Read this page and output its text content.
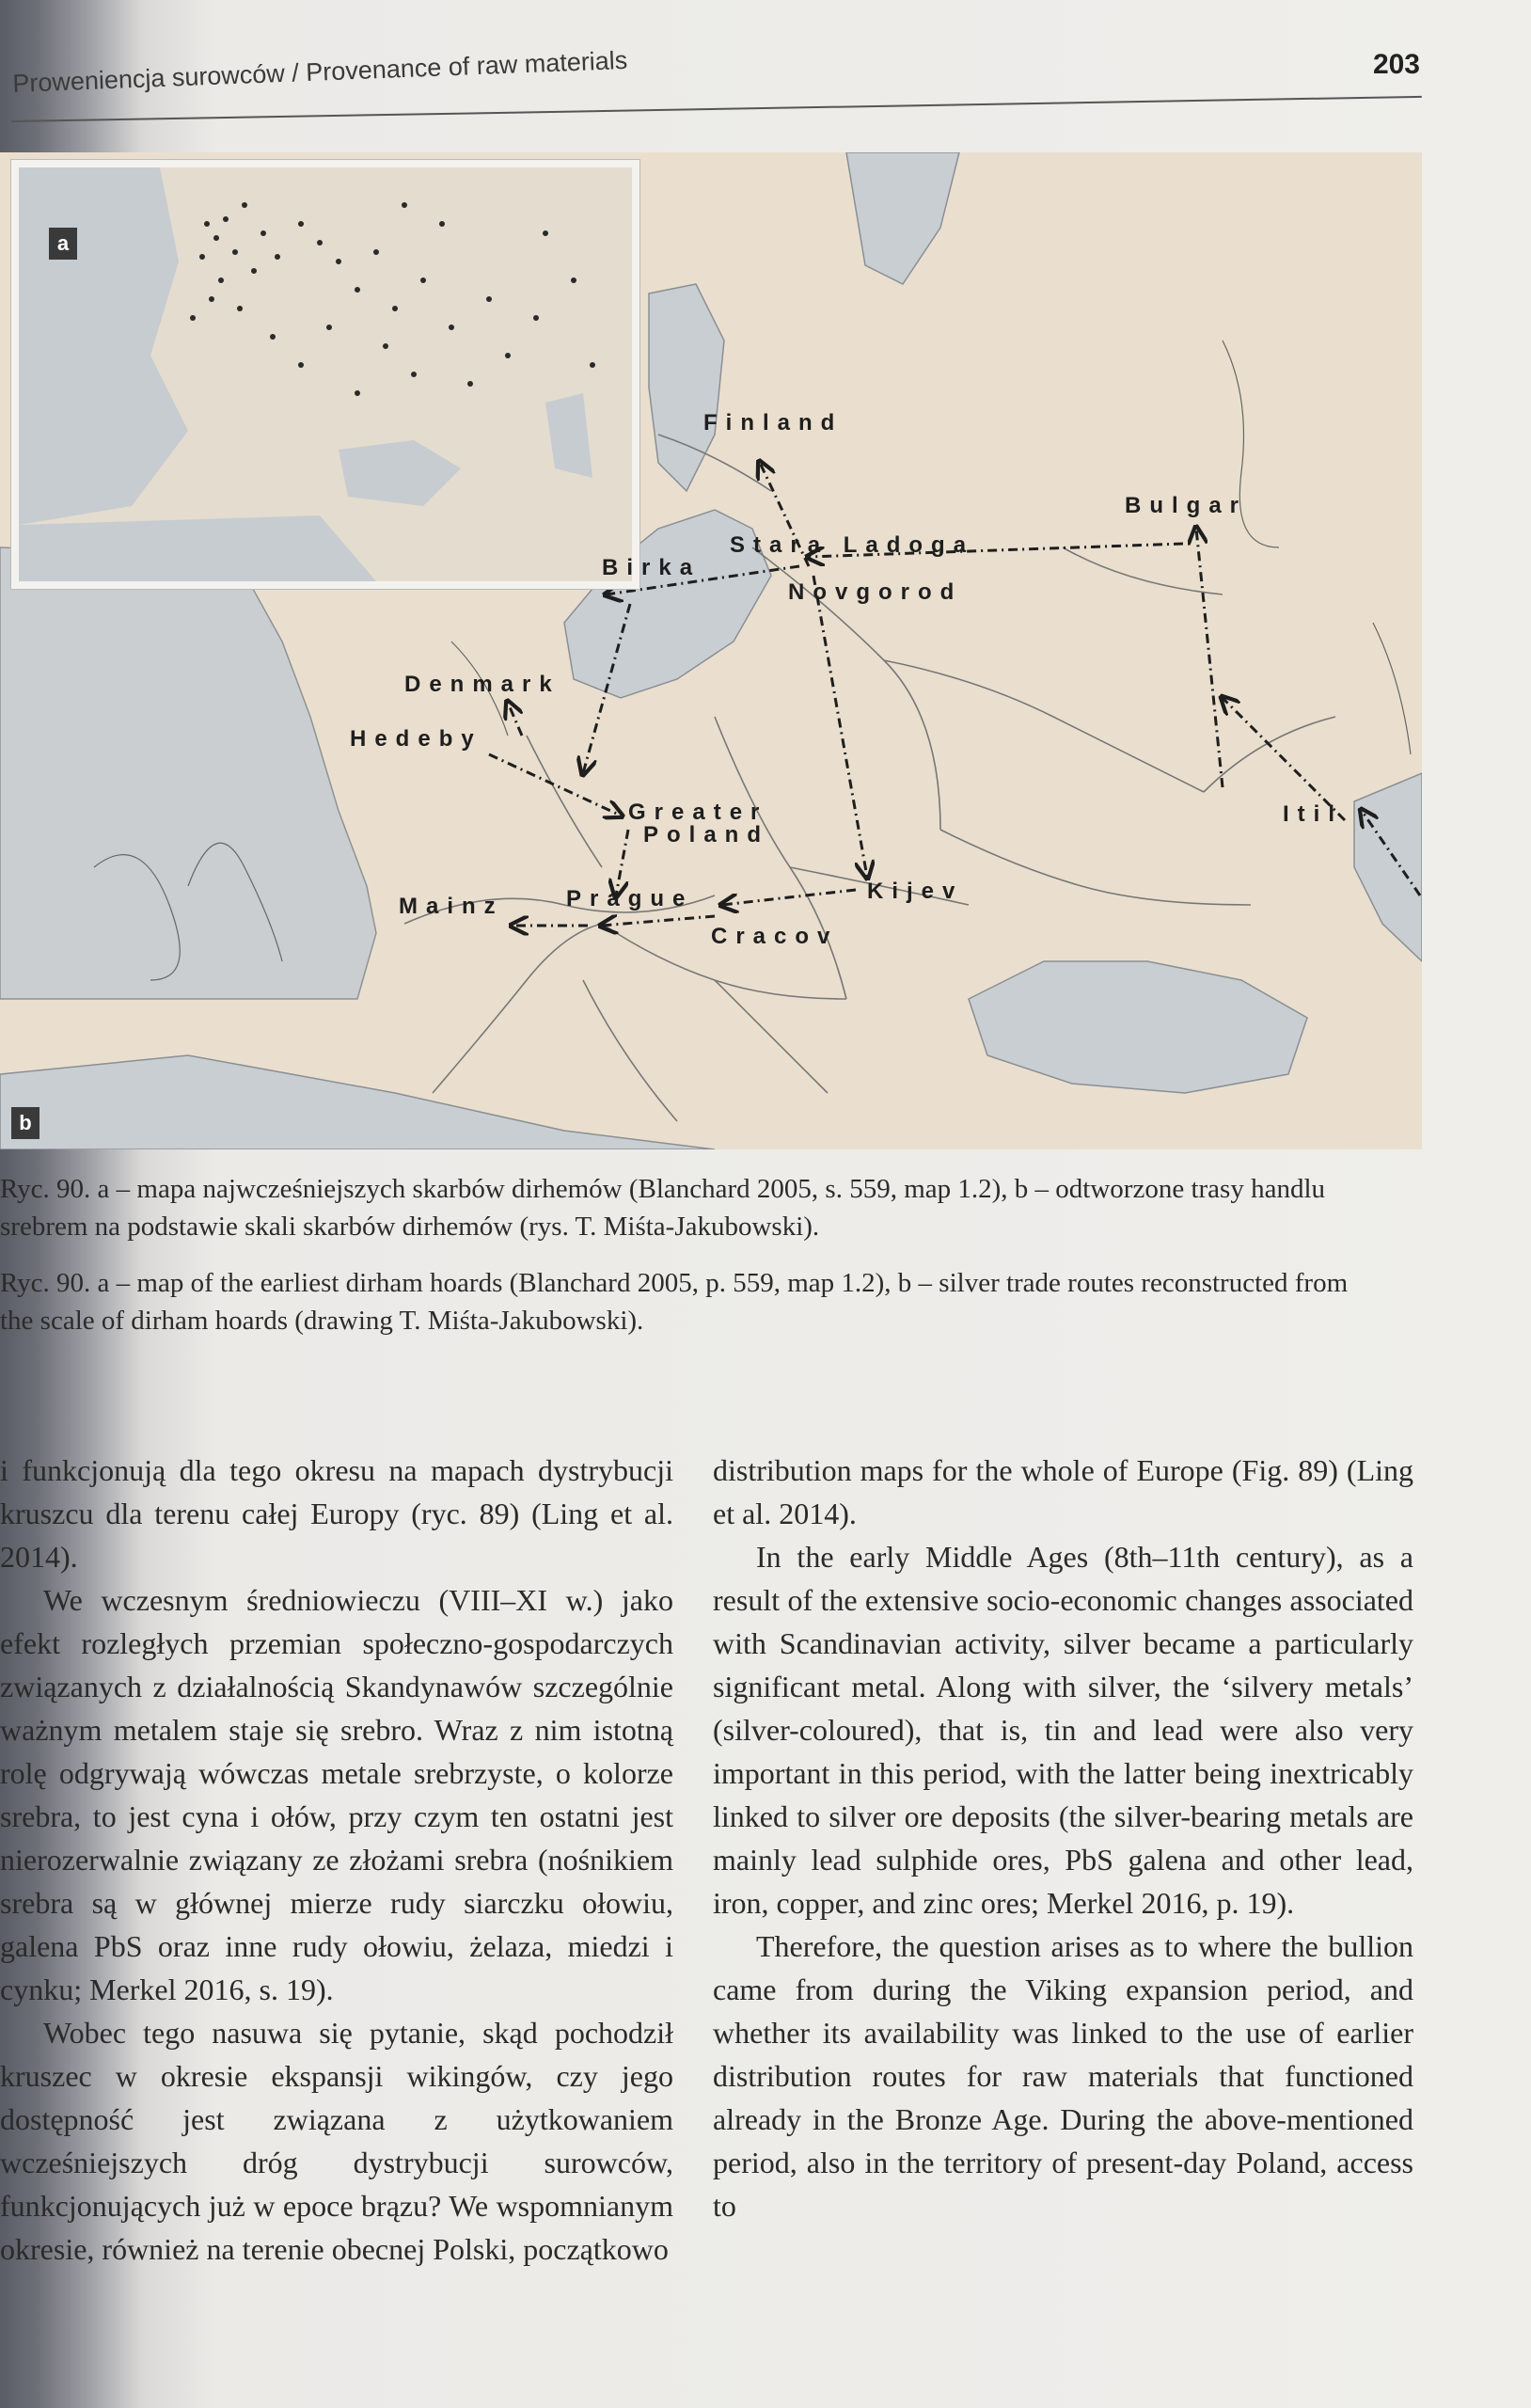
Proweniencja surowców / Provenance of raw materials	203
a
b
Finland
Bulgar
Stara Ladoga
Birka
Novgorod
Denmark
Hedeby
Greater
Poland
Itil
Mainz	Prague	Kijev
Cracov
Ryc. 90. a – mapa najwcześniejszych skarbów dirhemów (Blanchard 2005, s. 559, map 1.2), b – odtworzone trasy handlu srebrem na podstawie skali skarbów dirhemów (rys. T. Miśta-Jakubowski).
Ryc. 90. a – map of the earliest dirham hoards (Blanchard 2005, p. 559, map 1.2), b – silver trade routes reconstructed from the scale of dirham hoards (drawing T. Miśta-Jakubowski).

i funkcjonują dla tego okresu na mapach dystrybucji kruszcu dla terenu całej Europy (ryc. 89) (Ling et al. 2014).

We wczesnym średniowieczu (VIII–XI w.) jako efekt rozległych przemian społeczno-gospodarczych związanych z działalnością Skandynawów szczególnie ważnym metalem staje się srebro. Wraz z nim istotną rolę odgrywają wówczas metale srebrzyste, o kolorze srebra, to jest cyna i ołów, przy czym ten ostatni jest nierozerwalnie związany ze złożami srebra (nośnikiem srebra są w głównej mierze rudy siarczku ołowiu, galena PbS oraz inne rudy ołowiu, żelaza, miedzi i cynku; Merkel 2016, s. 19).

Wobec tego nasuwa się pytanie, skąd pochodził kruszec w okresie ekspansji wikingów, czy jego dostępność jest związana z użytkowaniem wcześniejszych dróg dystrybucji surowców, funkcjonujących już w epoce brązu? We wspomnianym okresie, również na terenie obecnej Polski, początkowo

distribution maps for the whole of Europe (Fig. 89) (Ling et al. 2014).

In the early Middle Ages (8th–11th century), as a result of the extensive socio-economic changes associated with Scandinavian activity, silver became a particularly significant metal. Along with silver, the ‘silvery metals’ (silver-coloured), that is, tin and lead were also very important in this period, with the latter being inextricably linked to silver ore deposits (the silver-bearing metals are mainly lead sulphide ores, PbS galena and other lead, iron, copper, and zinc ores; Merkel 2016, p. 19).

Therefore, the question arises as to where the bullion came from during the Viking expansion period, and whether its availability was linked to the use of earlier distribution routes for raw materials that functioned already in the Bronze Age. During the above-mentioned period, also in the territory of present-day Poland, access to
